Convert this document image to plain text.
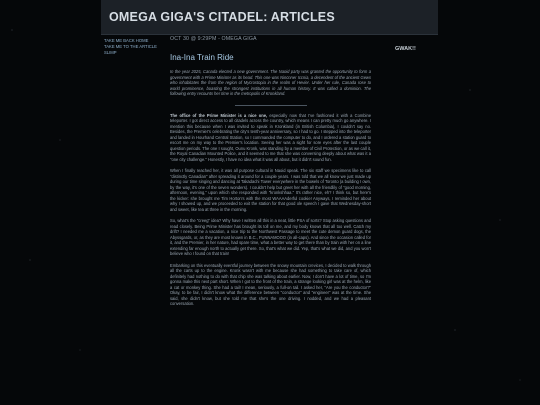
OMEGA GIGA'S CITADEL: ARTICLES
TAKE ME BACK HOME
TAKE ME TO THE ARTICLE SLIMP
GWAK!!
OCT 30 @ 9:29PM - OMEGA GIGA
Ina-Ina Train Ride

In the year 2025, Canada elected a new government. The Naoid party was granted the opportunity to form a government with a Prime Minister as its head. This one was Nincnner Iccnia, a decendent of the ancient Gews who inhabitates the from the region of Mycrostopia in the realm of Hevier. Under her rule, Canada rose to world prominence, boasting the strongest institutions in all human history. It was called a dominion. The following entry recounts her time in the metropolis of Kronkland.

The office of the Prime Minister is a nice one, especially now that I've fashioned it with a Combine teleporter. I got direct access to all citadels across the country, which means I can pretty much go anywhere. I mention this because when I was invited to speak in Kronkland (in British Columbia), I couldn't say no. Besides, the Premier's celebrating the city's tenth-year anniversary, so I had to go. I stepped into the teleporter and landed in Hourhand Central Station, so I commanded the computer to do, and I ordered a station guard to escort me on my way to the Premier's location. Seeing her was a sight for sore eyes after the last couple question periods. The one I sought, Ounu Kronk, was standing by a member of Civil Protection, or as we call it, the Royal Canadian Mounted Police, and it seemed to me that she was conversing deeply about what was it a "one city challenge." Honestly, I have no idea what it was all about, but it didn't sound fun.

When I finally reached her, it was all purpose cultural in Naoid speak. The six staff we specimens like to call "distinctly Canadian" after spreading it around for a couple years. I was told that we all know we just made up during our time singing and dancing at Takadachi Tower everywhere in the bowels of Toronto (a building I own, by the way, it's one of the seven wonders). I couldn't help but greet her with all the friendlily of "good morning, afternoon, evening," upon which she responded with "kronkshhaa." It's rather nice, eh? I think so, but here's the kicker: she brought me Tim Horton's with the most WAAAAderful cookie! Anyways, I reminded her about why I showed up, and we proceeded to exit the station for that good ole speech I gave that Wednesday-short and sweet, like tea at three in the morning.

So, what's the "creeg" idea? Why have I written all this in a neat, little PSA of sorts? Stop asking questions and read closely. Being Prime Minister has brought its toll on me, and my body knows that all too well. Catch my drift? I needed me a vacation, a nice trip to the Northwest Passage to meet the cute demon guard dogs, the Abyssgards, or, as they are most known in B.C., FUNNAMOOO (in all-caps). And since the occasion called for it, and the Premier, in her nature, had spare time, what a better way to get there than by train with her on a line extending far enough north to actually get there. So, that's what we did. Yep, that's what we did, and you won't believe who I found on that train!

Embarking on this eventually eventful journey between the snowy mountain crevices, I decided to walk through all the carts up to the engine. Kronk wasn't with me because she had something to take care of, which definitely had nothing to do with that chip she was talking about earlier. Now, I don't have a lot of time, so I'm gonna make this next part short. When I got to the front of the train, a strange looking girl was at the helm, like a cat or monkey thing. She had a tail! I mean, seriously, a full-on tail. I asked her, "Are you the conductor?" Okay, to be fair, I didn't know what the difference between "conductor" and "engineer" was at the time. She said, she didn't know, but she told me that she's the one driving. I nodded, and we had a pleasant conversation.
